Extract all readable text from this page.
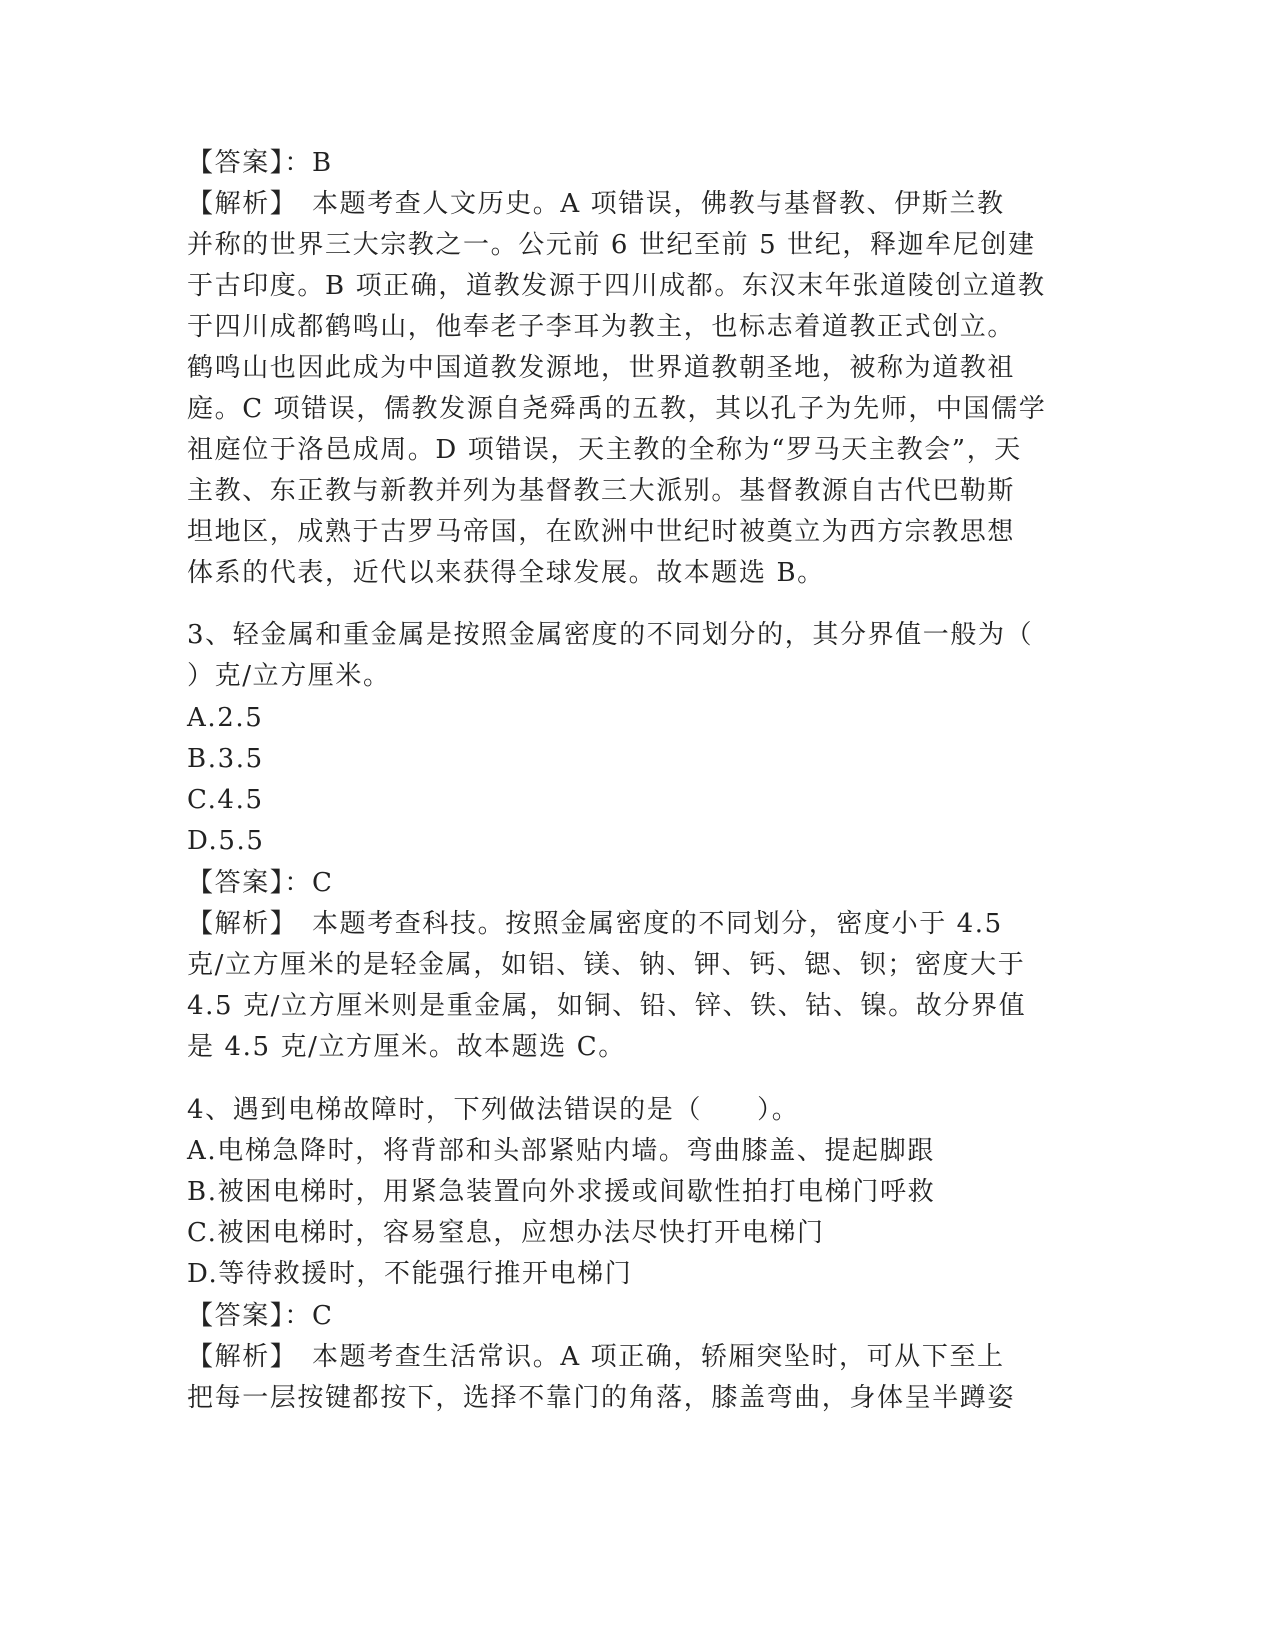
【答案】：B
【解析】　本题考查人文历史。A 项错误，佛教与基督教、伊斯兰教
并称的世界三大宗教之一。公元前 6 世纪至前 5 世纪，释迦牟尼创建
于古印度。B 项正确，道教发源于四川成都。东汉末年张道陵创立道教
于四川成都鹤鸣山，他奉老子李耳为教主，也标志着道教正式创立。
鹤鸣山也因此成为中国道教发源地，世界道教朝圣地，被称为道教祖
庭。C 项错误，儒教发源自尧舜禹的五教，其以孔子为先师，中国儒学
祖庭位于洛邑成周。D 项错误，天主教的全称为“罗马天主教会”，天
主教、东正教与新教并列为基督教三大派别。基督教源自古代巴勒斯
坦地区，成熟于古罗马帝国，在欧洲中世纪时被奠立为西方宗教思想
体系的代表，近代以来获得全球发展。故本题选 B。
3、轻金属和重金属是按照金属密度的不同划分的，其分界值一般为（
）克/立方厘米。
A.2.5
B.3.5
C.4.5
D.5.5
【答案】：C
【解析】　本题考查科技。按照金属密度的不同划分，密度小于 4.5
克/立方厘米的是轻金属，如铝、镁、钠、钾、钙、锶、钡；密度大于
4.5 克/立方厘米则是重金属，如铜、铅、锌、铁、钴、镍。故分界值
是 4.5 克/立方厘米。故本题选 C。
4、遇到电梯故障时，下列做法错误的是（　　）。
A.电梯急降时，将背部和头部紧贴内墙。弯曲膝盖、提起脚跟
B.被困电梯时，用紧急装置向外求援或间歇性拍打电梯门呼救
C.被困电梯时，容易窒息，应想办法尽快打开电梯门
D.等待救援时，不能强行推开电梯门
【答案】：C
【解析】　本题考查生活常识。A 项正确，轿厢突坠时，可从下至上
把每一层按键都按下，选择不靠门的角落，膝盖弯曲，身体呈半蹲姿
